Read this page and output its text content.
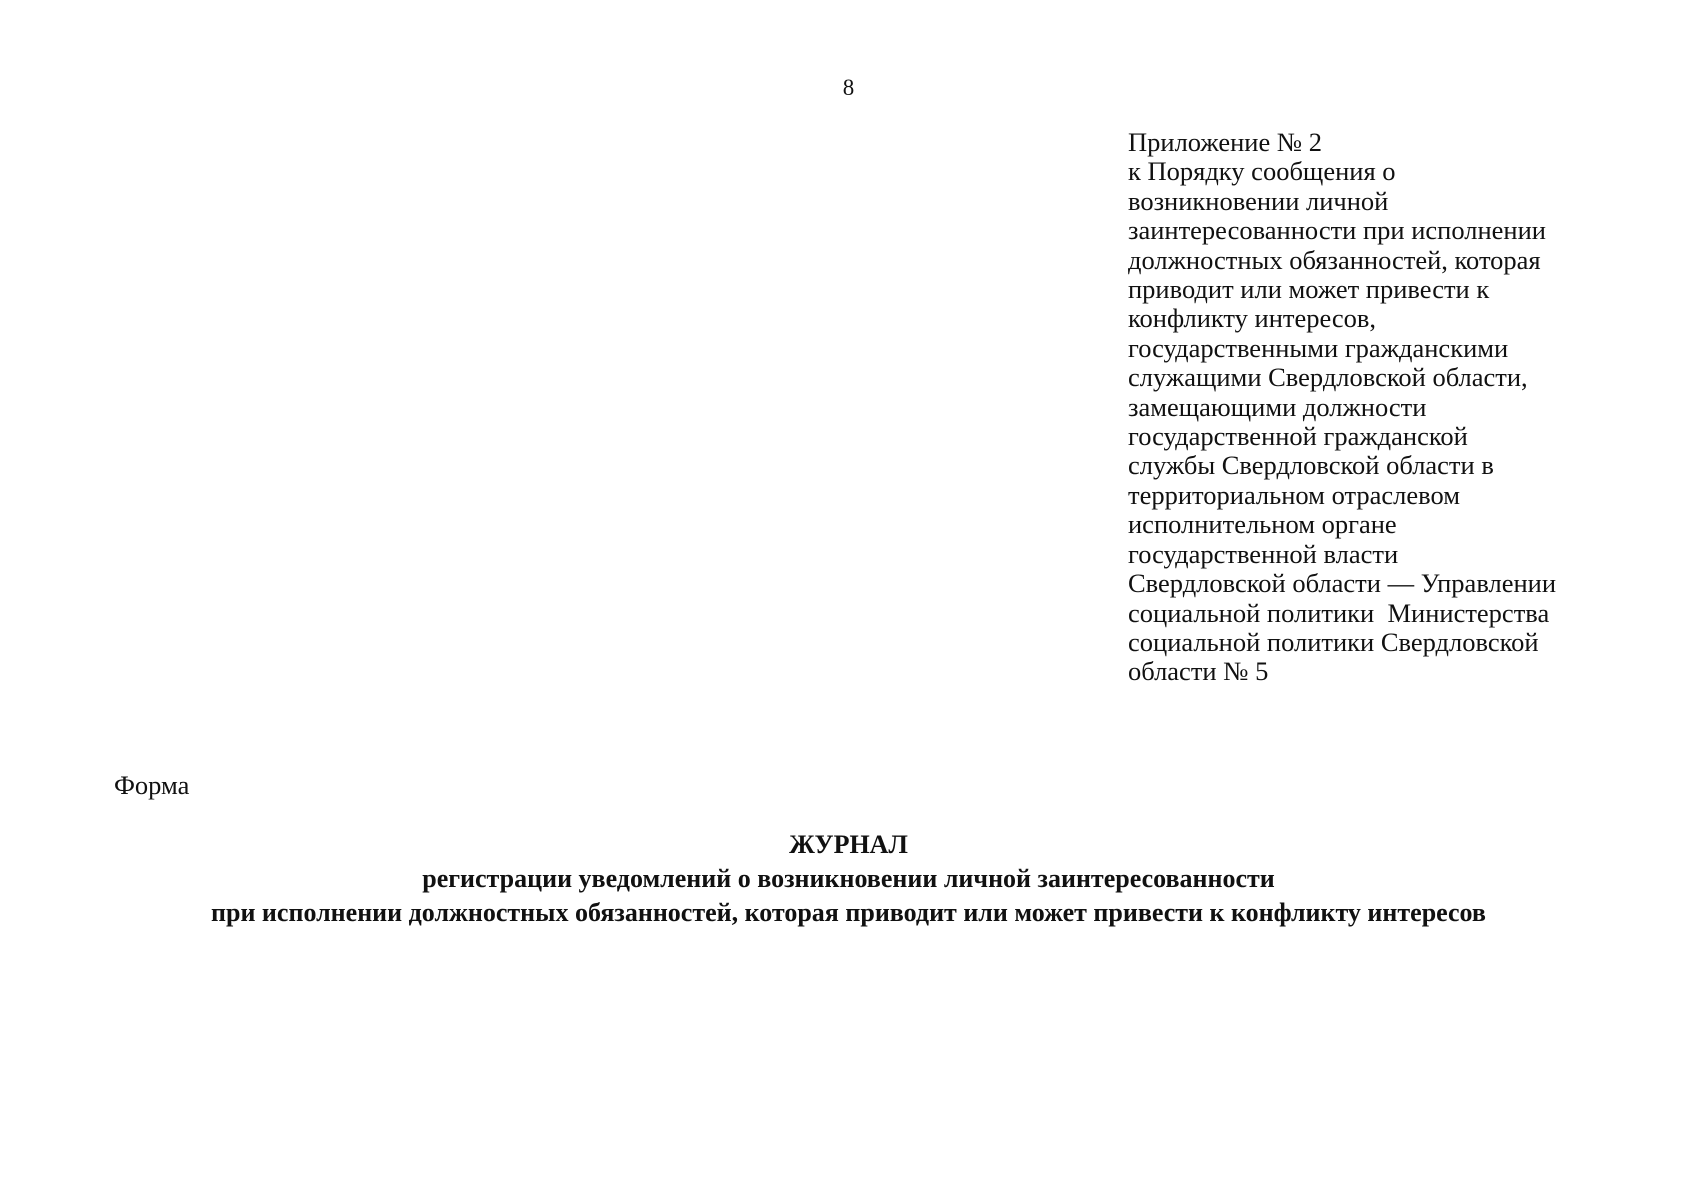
8
Приложение № 2
к Порядку сообщения о
возникновении личной
заинтересованности при исполнении
должностных обязанностей, которая
приводит или может привести к
конфликту интересов,
государственными гражданскими
служащими Свердловской области,
замещающими должности
государственной гражданской
службы Свердловской области в
территориальном отраслевом
исполнительном органе
государственной власти
Свердловской области — Управлении
социальной политики  Министерства
социальной политики Свердловской
области № 5
Форма
ЖУРНАЛ
регистрации уведомлений о возникновении личной заинтересованности
при исполнении должностных обязанностей, которая приводит или может привести к конфликту интересов
